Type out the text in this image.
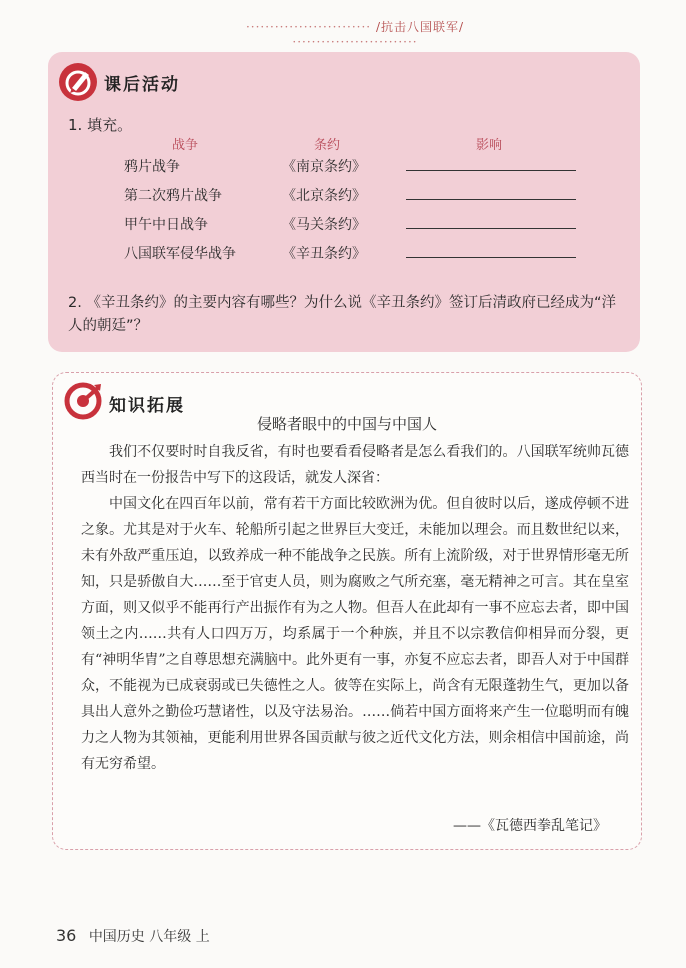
·························· /抗击八国联军/ ··························
课后活动
1. 填充。
战争	条约	影响
鸦片战争	《南京条约》
第二次鸦片战争	《北京条约》
甲午中日战争	《马关条约》
八国联军侵华战争	《辛丑条约》
2. 《辛丑条约》的主要内容有哪些？为什么说《辛丑条约》签订后清政府已经成为“洋人的朝廷”？
知识拓展
侵略者眼中的中国与中国人

我们不仅要时时自我反省，有时也要看看侵略者是怎么看我们的。八国联军统帅瓦德西当时在一份报告中写下的这段话，就发人深省：

中国文化在四百年以前，常有若干方面比较欧洲为优。但自彼时以后，遂成停顿不进之象。尤其是对于火车、轮船所引起之世界巨大变迁，未能加以理会。而且数世纪以来，未有外敌严重压迫，以致养成一种不能战争之民族。所有上流阶级，对于世界情形毫无所知，只是骄傲自大……至于官吏人员，则为腐败之气所充塞，毫无精神之可言。其在皇室方面，则又似乎不能再行产出振作有为之人物。但吾人在此却有一事不应忘去者，即中国领土之内……共有人口四万万，均系属于一个种族，并且不以宗教信仰相异而分裂，更有“神明华胄”之自尊思想充满脑中。此外更有一事，亦复不应忘去者，即吾人对于中国群众，不能视为已成衰弱或已失德性之人。彼等在实际上，尚含有无限蓬勃生气，更加以备具出人意外之勤俭巧慧诸性，以及守法易治。……倘若中国方面将来产生一位聪明而有魄力之人物为其领袖，更能利用世界各国贡献与彼之近代文化方法，则余相信中国前途，尚有无穷希望。

——《瓦德西拳乱笔记》
36 中国历史 八年级 上
